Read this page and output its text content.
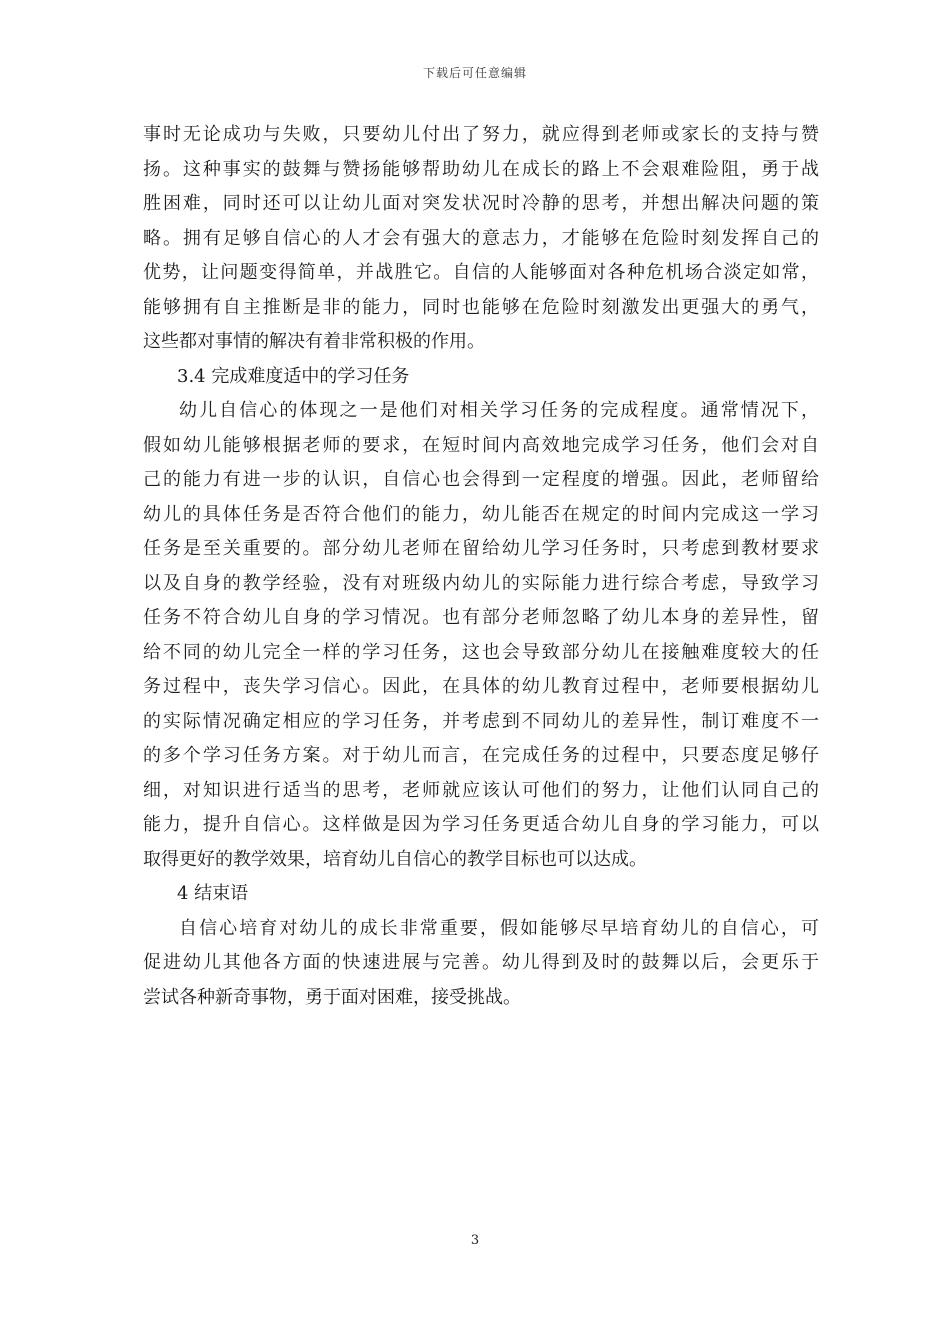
下载后可任意编辑
事时无论成功与失败，只要幼儿付出了努力，就应得到老师或家长的支持与赞
扬。这种事实的鼓舞与赞扬能够帮助幼儿在成长的路上不会艰难险阻，勇于战
胜困难，同时还可以让幼儿面对突发状况时冷静的思考，并想出解决问题的策
略。拥有足够自信心的人才会有强大的意志力，才能够在危险时刻发挥自己的
优势，让问题变得简单，并战胜它。自信的人能够面对各种危机场合淡定如常，
能够拥有自主推断是非的能力，同时也能够在危险时刻激发出更强大的勇气，
这些都对事情的解决有着非常积极的作用。
3.4 完成难度适中的学习任务
幼儿自信心的体现之一是他们对相关学习任务的完成程度。通常情况下，
假如幼儿能够根据老师的要求，在短时间内高效地完成学习任务，他们会对自
己的能力有进一步的认识，自信心也会得到一定程度的增强。因此，老师留给
幼儿的具体任务是否符合他们的能力，幼儿能否在规定的时间内完成这一学习
任务是至关重要的。部分幼儿老师在留给幼儿学习任务时，只考虑到教材要求
以及自身的教学经验，没有对班级内幼儿的实际能力进行综合考虑，导致学习
任务不符合幼儿自身的学习情况。也有部分老师忽略了幼儿本身的差异性，留
给不同的幼儿完全一样的学习任务，这也会导致部分幼儿在接触难度较大的任
务过程中，丧失学习信心。因此，在具体的幼儿教育过程中，老师要根据幼儿
的实际情况确定相应的学习任务，并考虑到不同幼儿的差异性，制订难度不一
的多个学习任务方案。对于幼儿而言，在完成任务的过程中，只要态度足够仔
细，对知识进行适当的思考，老师就应该认可他们的努力，让他们认同自己的
能力，提升自信心。这样做是因为学习任务更适合幼儿自身的学习能力，可以
取得更好的教学效果，培育幼儿自信心的教学目标也可以达成。
4 结束语
自信心培育对幼儿的成长非常重要，假如能够尽早培育幼儿的自信心，可
促进幼儿其他各方面的快速进展与完善。幼儿得到及时的鼓舞以后，会更乐于
尝试各种新奇事物，勇于面对困难，接受挑战。
3
